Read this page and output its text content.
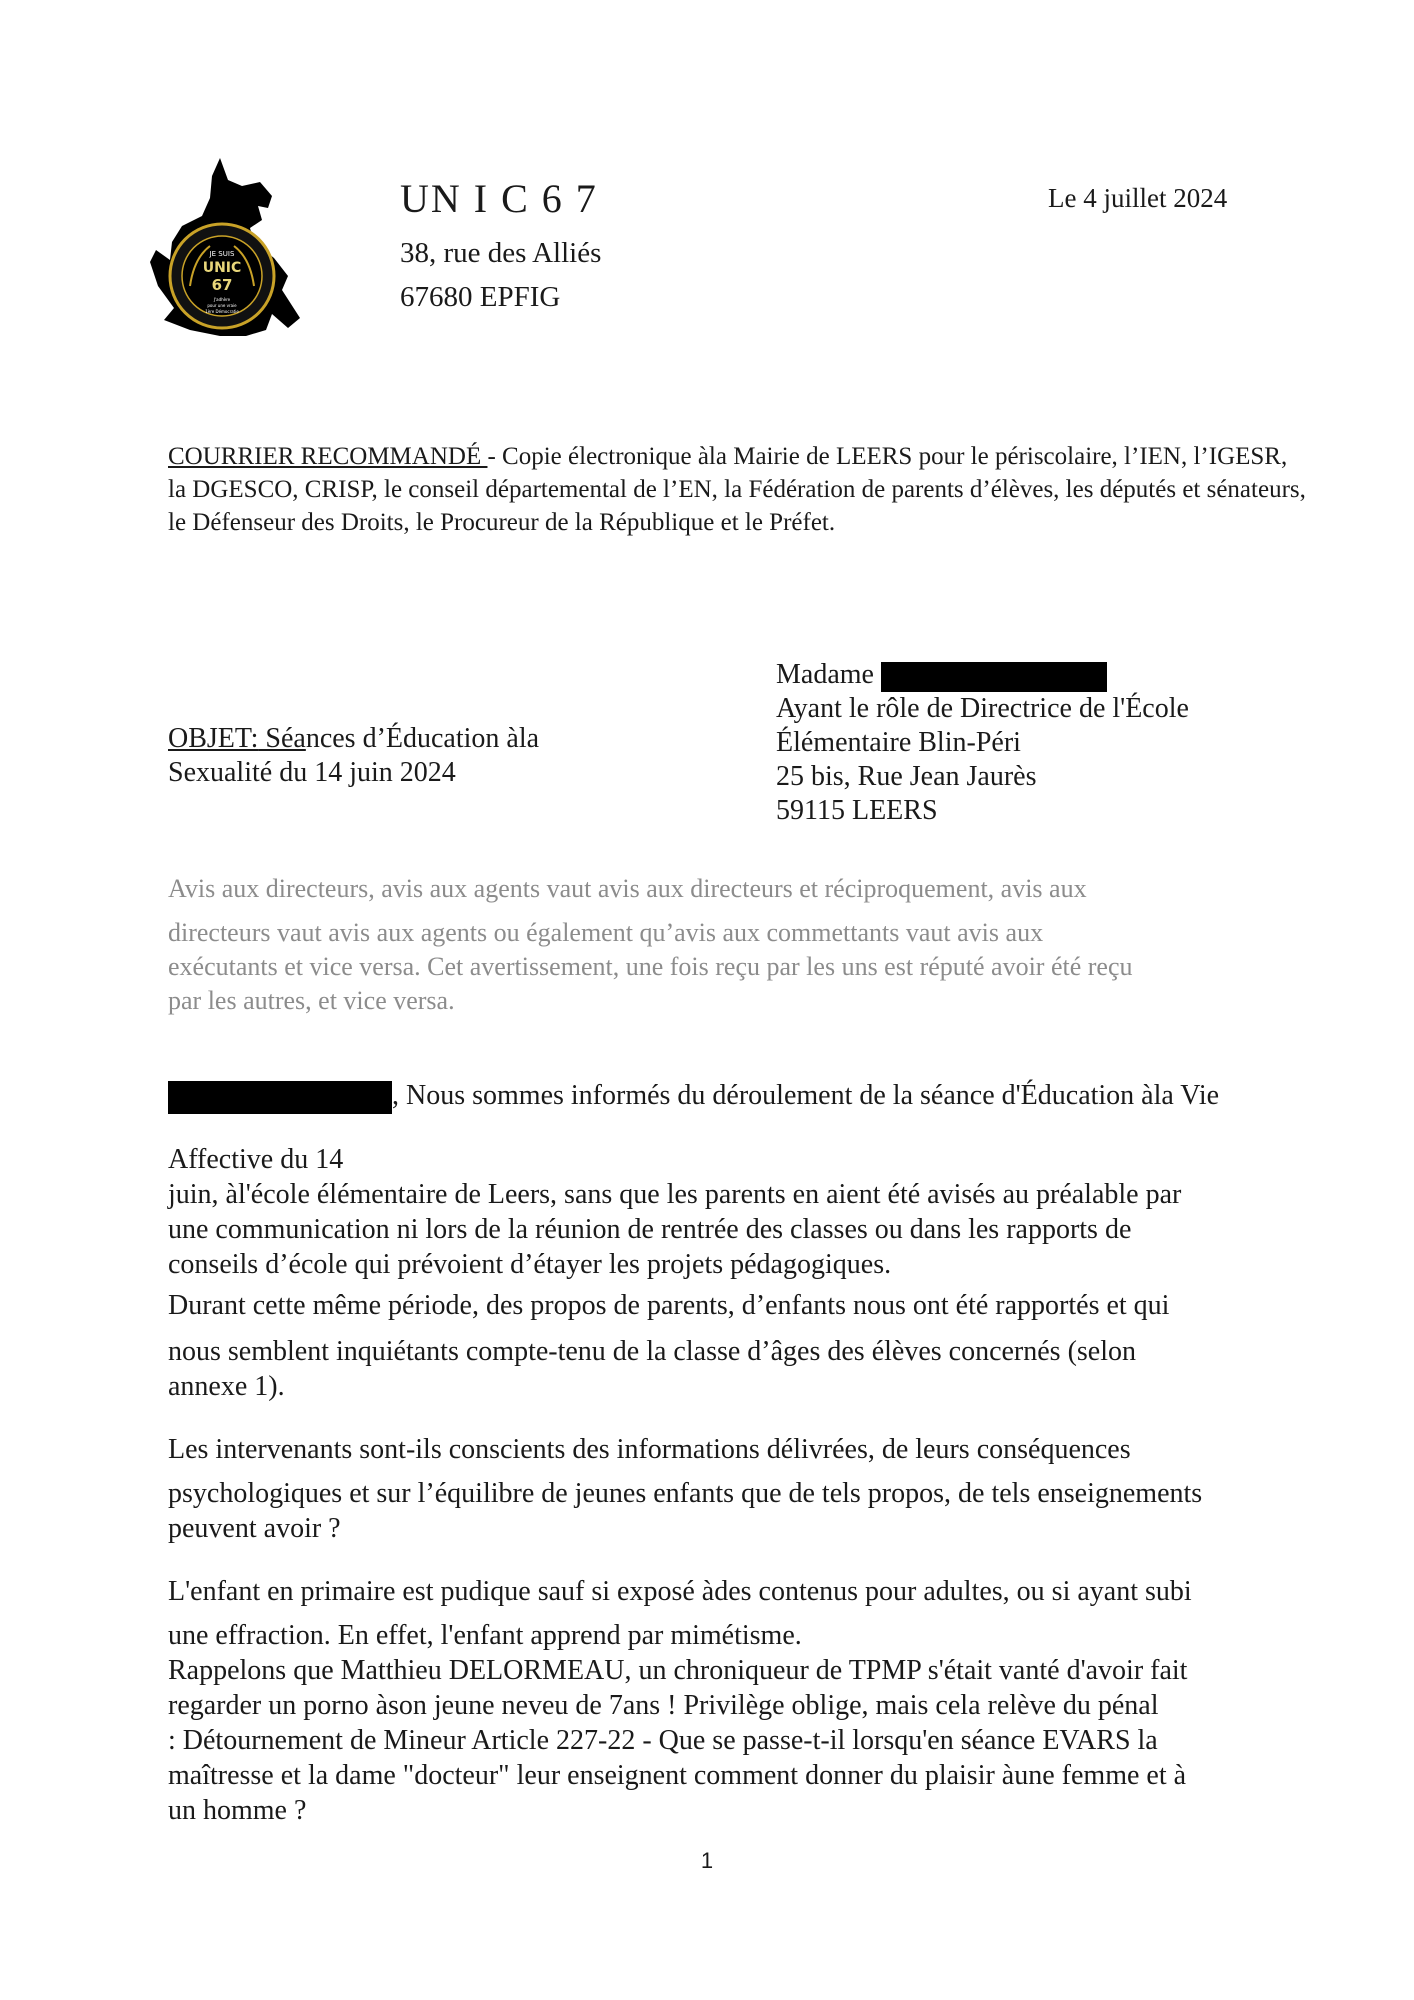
JE SUIS
UNIC
67
J'adhère
pour une vraie
1ère Démocratie
UN I C 6 7
38, rue des Alliés
67680 EPFIG
Le 4 juillet 2024
COURRIER RECOMMANDÉ - Copie électronique àla Mairie de LEERS pour le périscolaire, l’IEN, l’IGESR, la DGESCO, CRISP, le conseil départemental de l’EN, la Fédération de parents d’élèves, les députés et sénateurs, le Défenseur des Droits, le Procureur de la République et le Préfet.
Madame
Ayant le rôle de Directrice de l'École
Élémentaire Blin-Péri
25 bis, Rue Jean Jaurès
59115 LEERS
OBJET: Séances d’Éducation àla
Sexualité du 14 juin 2024
Avis aux directeurs, avis aux agents vaut avis aux directeurs et réciproquement, avis aux
directeurs vaut avis aux agents ou également qu’avis aux commettants vaut avis aux
exécutants et vice versa. Cet avertissement, une fois reçu par les uns est réputé avoir été reçu
par les autres, et vice versa.
, Nous sommes informés du déroulement de la séance d'Éducation àla Vie
Affective du 14
juin, àl'école élémentaire de Leers, sans que les parents en aient été avisés au préalable par
une communication ni lors de la réunion de rentrée des classes ou dans les rapports de
conseils d’école qui prévoient d’étayer les projets pédagogiques.
Durant cette même période, des propos de parents, d’enfants nous ont été rapportés et qui
nous semblent inquiétants compte-tenu de la classe d’âges des élèves concernés (selon
annexe 1).
Les intervenants sont-ils conscients des informations délivrées, de leurs conséquences
psychologiques et sur l’équilibre de jeunes enfants que de tels propos, de tels enseignements
peuvent avoir ?
L'enfant en primaire est pudique sauf si exposé àdes contenus pour adultes, ou si ayant subi
une effraction. En effet, l'enfant apprend par mimétisme.
Rappelons que Matthieu DELORMEAU, un chroniqueur de TPMP s'était vanté d'avoir fait
regarder un porno àson jeune neveu de 7ans ! Privilège oblige, mais cela relève du pénal
: Détournement de Mineur Article 227-22 - Que se passe-t-il lorsqu'en séance EVARS la
maîtresse et la dame "docteur" leur enseignent comment donner du plaisir àune femme et à
un homme ?
1
